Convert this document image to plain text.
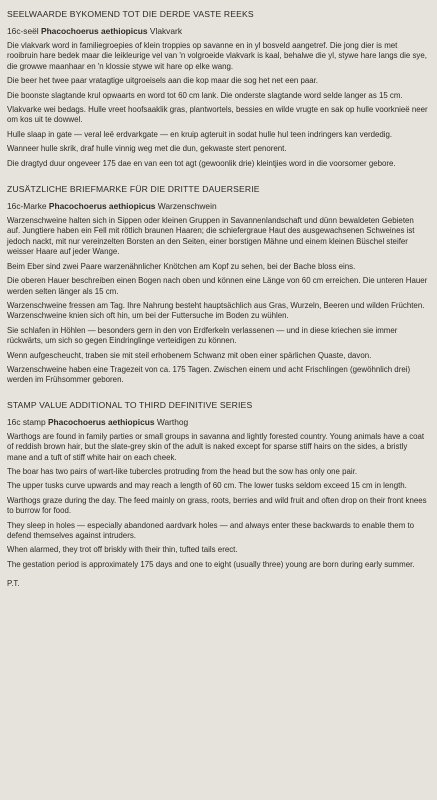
SEELWAARDE BYKOMEND TOT DIE DERDE VASTE REEKS
16c-seël Phacochoerus aethiopicus Vlakvark

Die vlakvark word in familiegroepies of klein troppies op savanne en in yl bosveld aangetref. Die jong dier is met rooibruin hare bedek maar die leikleurige vel van 'n volgroeide vlakvark is kaal, behalwe die yl, stywe hare langs die sye, die growwe maanhaar en 'n klossie stywe wit hare op elke wang.

Die beer het twee paar vratagtige uitgroeisels aan die kop maar die sog het net een paar.

Die boonste slagtande krul opwaarts en word tot 60 cm lank. Die onderste slagtande word selde langer as 15 cm.

Vlakvarke wei bedags. Hulle vreet hoofsaaklik gras, plantwortels, bessies en wilde vrugte en sak op hulle voorknieë neer om kos uit te dowwel.

Hulle slaap in gate — veral leë erdvarkgate — en kruip agteruit in sodat hulle hul teen indringers kan verdedig.

Wanneer hulle skrik, draf hulle vinnig weg met die dun, gekwaste stert penorent.

Die dragtyd duur ongeveer 175 dae en van een tot agt (gewoonlik drie) kleintjies word in die voorsomer gebore.

ZUSÄTZLICHE BRIEFMARKE FÜR DIE DRITTE DAUERSERIE
16c-Marke Phacochoerus aethiopicus Warzenschwein

Warzenschweine halten sich in Sippen oder kleinen Gruppen in Savannenlandschaft und dünn bewaldeten Gebieten auf. Jungtiere haben ein Fell mit rötlich braunen Haaren; die schiefergraue Haut des ausgewachsenen Schweines ist jedoch nackt, mit nur vereinzelten Borsten an den Seiten, einer borstigen Mähne und einem kleinen Büschel steifer weisser Haare auf jeder Wange.

Beim Eber sind zwei Paare warzenähnlicher Knötchen am Kopf zu sehen, bei der Bache bloss eins.

Die oberen Hauer beschreiben einen Bogen nach oben und können eine Länge von 60 cm erreichen. Die unteren Hauer werden selten länger als 15 cm.

Warzenschweine fressen am Tag. Ihre Nahrung besteht hauptsächlich aus Gras, Wurzeln, Beeren und wilden Früchten. Warzenschweine knien sich oft hin, um bei der Futtersuche im Boden zu wühlen.

Sie schlafen in Höhlen — besonders gern in den von Erdferkeln verlassenen — und in diese kriechen sie immer rückwärts, um sich so gegen Eindringlinge verteidigen zu können.

Wenn aufgescheucht, traben sie mit steil erhobenem Schwanz mit oben einer spärlichen Quaste, davon.

Warzenschweine haben eine Tragezeit von ca. 175 Tagen. Zwischen einem und acht Frischlingen (gewöhnlich drei) werden im Frühsommer geboren.

STAMP VALUE ADDITIONAL TO THIRD DEFINITIVE SERIES
16c stamp Phacochoerus aethiopicus Warthog

Warthogs are found in family parties or small groups in savanna and lightly forested country. Young animals have a coat of reddish brown hair, but the slate-grey skin of the adult is naked except for sparse stiff hairs on the sides, a bristly mane and a tuft of stiff white hair on each cheek.

The boar has two pairs of wart-like tubercles protruding from the head but the sow has only one pair.

The upper tusks curve upwards and may reach a length of 60 cm. The lower tusks seldom exceed 15 cm in length.

Warthogs graze during the day. The feed mainly on grass, roots, berries and wild fruit and often drop on their front knees to burrow for food.

They sleep in holes — especially abandoned aardvark holes — and always enter these backwards to enable them to defend themselves against intruders.

When alarmed, they trot off briskly with their thin, tufted tails erect.

The gestation period is approximately 175 days and one to eight (usually three) young are born during early summer.

P.T.
